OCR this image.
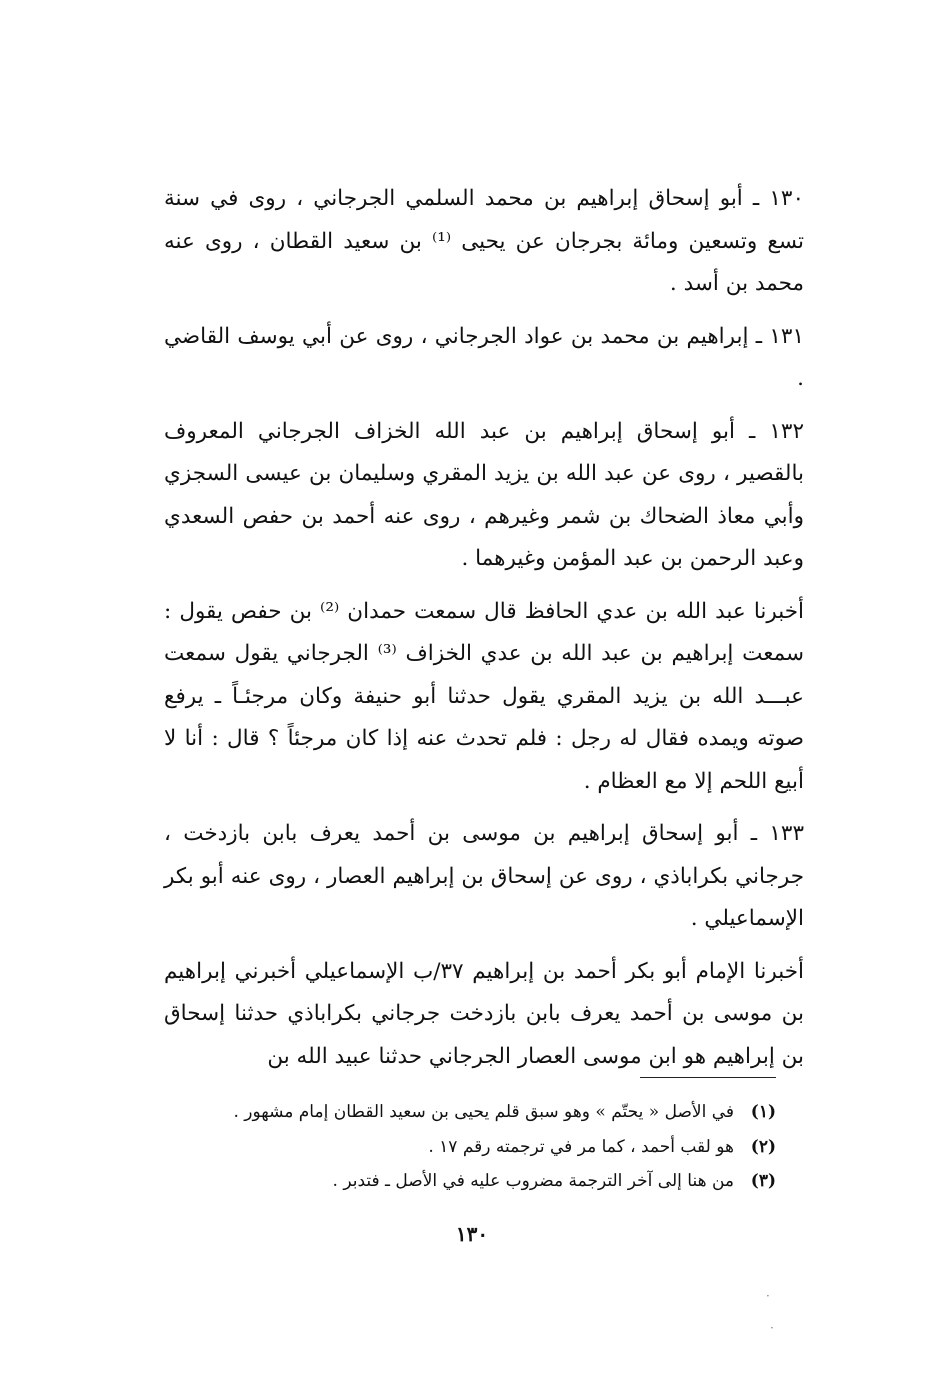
١٣٠ ـ أبو إسحاق إبراهيم بن محمد السلمي الجرجاني ، روى في سنة تسع وتسعين ومائة بجرجان عن يحيى ⁽¹⁾ بن سعيد القطان ، روى عنه محمد بن أسد .

١٣١ ـ إبراهيم بن محمد بن عواد الجرجاني ، روى عن أبي يوسف القاضي .

١٣٢ ـ أبو إسحاق إبراهيم بن عبد الله الخزاف الجرجاني المعروف بالقصير ، روى عن عبد الله بن يزيد المقري وسليمان بن عيسى السجزي وأبي معاذ الضحاك بن شمر وغيرهم ، روى عنه أحمد بن حفص السعدي وعبد الرحمن بن عبد المؤمن وغيرهما .

أخبرنا عبد الله بن عدي الحافظ قال سمعت حمدان ⁽²⁾ بن حفص يقول : سمعت إبراهيم بن عبد الله بن عدي الخزاف ⁽³⁾ الجرجاني يقول سمعت عبـــد الله بن يزيد المقري يقول حدثنا أبو حنيفة وكان مرجئـاً ـ يرفع صوته ويمده فقال له رجل : فلم تحدث عنه إذا كان مرجئاً ؟ قال : أنا لا أبيع اللحم إلا مع العظام .

١٣٣ ـ أبو إسحاق إبراهيم بن موسى بن أحمد يعرف بابن بازدخت ، جرجاني بكراباذي ، روى عن إسحاق بن إبراهيم العصار ، روى عنه أبو بكر الإسماعيلي .

أخبرنا الإمام أبو بكر أحمد بن إبراهيم ٣٧/ب الإسماعيلي أخبرني إبراهيم بن موسى بن أحمد يعرف بابن بازدخت جرجاني بكراباذي حدثنا إسحاق بن إبراهيم هو ابن موسى العصار الجرجاني حدثنا عبيد الله بن

(١)في الأصل « يحتّم » وهو سبق قلم يحيى بن سعيد القطان إمام مشهور .
(٢)هو لقب أحمد ، كما مر في ترجمته رقم ١٧ .
(٣)من هنا إلى آخر الترجمة مضروب عليه في الأصل ـ فتدبر .
١٣٠
·
·
